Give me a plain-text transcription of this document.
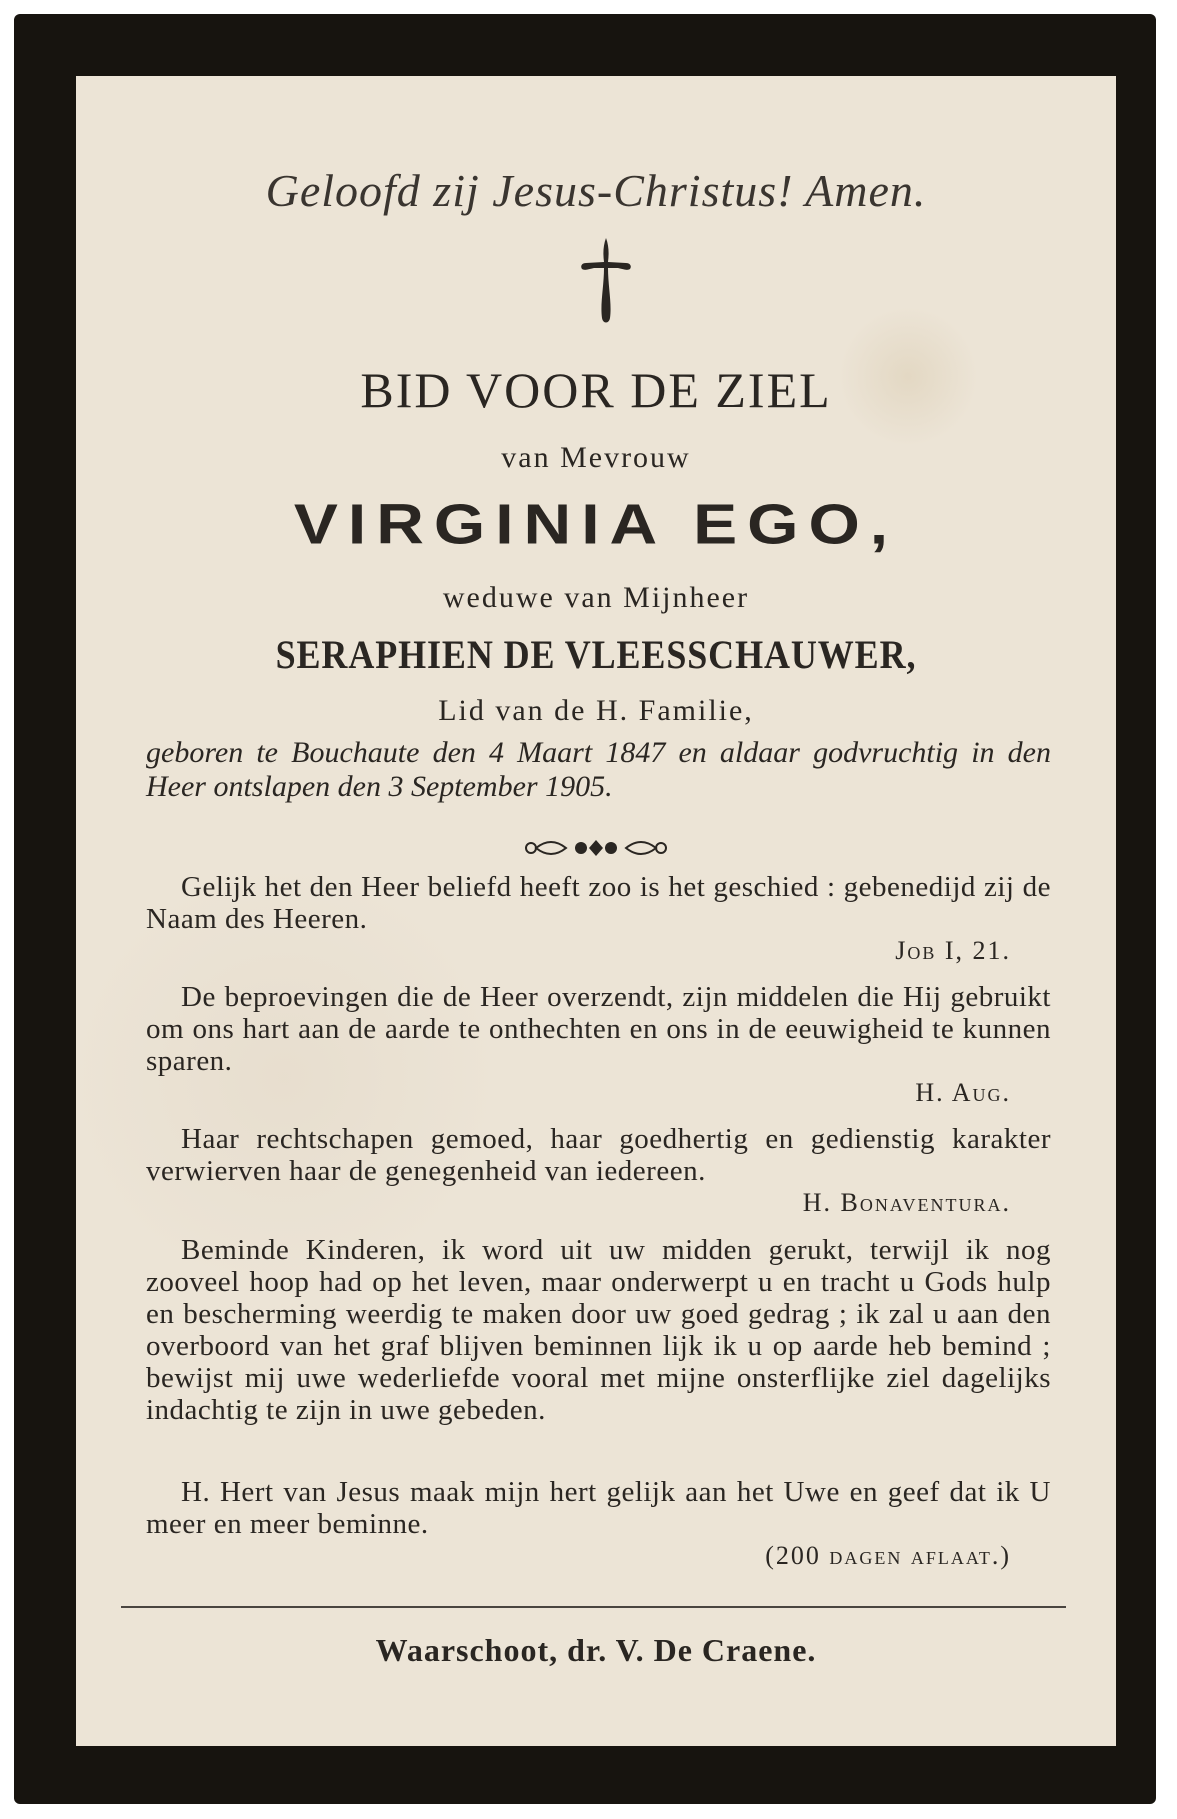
Geloofd zij Jesus-Christus! Amen.
BID VOOR DE ZIEL
van Mevrouw
VIRGINIA EGO,
weduwe van Mijnheer
SERAPHIEN DE VLEESSCHAUWER,
Lid van de H. Familie,
geboren te Bouchaute den 4 Maart 1847 en aldaar godvruchtig in den Heer ontslapen den 3 September 1905.
Gelijk het den Heer beliefd heeft zoo is het geschied : gebenedijd zij de Naam des Heeren.
Job I, 21.
De beproevingen die de Heer overzendt, zijn middelen die Hij gebruikt om ons hart aan de aarde te onthechten en ons in de eeuwigheid te kunnen sparen.
H. Aug.
Haar rechtschapen gemoed, haar goedhertig en gedienstig karakter verwierven haar de genegenheid van iedereen.
H. Bonaventura.
Beminde Kinderen, ik word uit uw midden gerukt, terwijl ik nog zooveel hoop had op het leven, maar onderwerpt u en tracht u Gods hulp en bescherming weerdig te maken door uw goed gedrag ; ik zal u aan den overboord van het graf blijven beminnen lijk ik u op aarde heb bemind ; bewijst mij uwe wederliefde vooral met mijne onsterflijke ziel dagelijks indachtig te zijn in uwe gebeden.
H. Hert van Jesus maak mijn hert gelijk aan het Uwe en geef dat ik U meer en meer beminne.
(200 dagen aflaat.)
Waarschoot, dr. V. De Craene.
